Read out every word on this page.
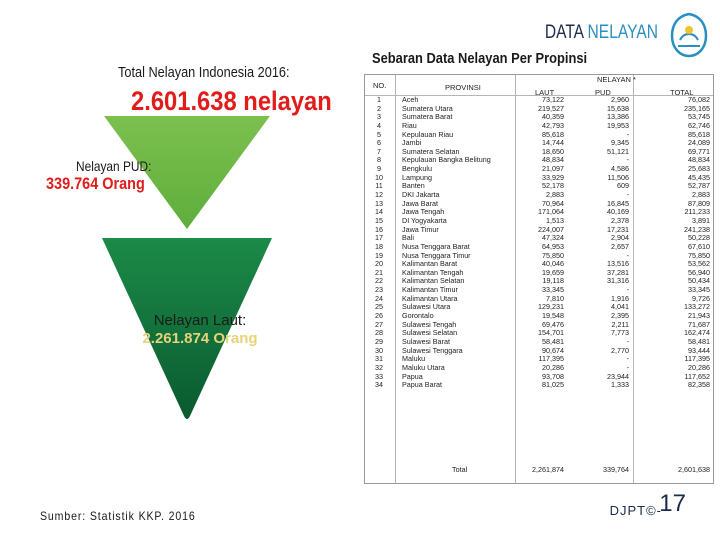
DATA NELAYAN
Total Nelayan Indonesia 2016:
2.601.638 nelayan
Nelayan PUD:
339.764 Orang
Nelayan Laut:
2.261.874 Orang
Sumber: Statistik KKP. 2016
Sebaran Data Nelayan Per Propinsi
NO.	PROVINSI
NELAYAN *
LAUT	PUD	TOTAL
1	Aceh	73,122	2,960	76,082
2	Sumatera Utara	219,527	15,638	235,165
3	Sumatera Barat	40,359	13,386	53,745
4	Riau	42,793	19,953	62,746
5	Kepulauan Riau	85,618	-	85,618
6	Jambi	14,744	9,345	24,089
7	Sumatera Selatan	18,650	51,121	69,771
8	Kepulauan Bangka Belitung	48,834	-	48,834
9	Bengkulu	21,097	4,586	25,683
10	Lampung	33,929	11,506	45,435
11	Banten	52,178	609	52,787
12	DKI Jakarta	2,883	-	2,883
13	Jawa Barat	70,964	16,845	87,809
14	Jawa Tengah	171,064	40,169	211,233
15	DI Yogyakarta	1,513	2,378	3,891
16	Jawa Timur	224,007	17,231	241,238
17	Bali	47,324	2,904	50,228
18	Nusa Tenggara Barat	64,953	2,657	67,610
19	Nusa Tenggara Timur	75,850	-	75,850
20	Kalimantan Barat	40,046	13,516	53,562
21	Kalimantan Tengah	19,659	37,281	56,940
22	Kalimantan Selatan	19,118	31,316	50,434
23	Kalimantan Timur	33,345	-	33,345
24	Kalimantan Utara	7,810	1,916	9,726
25	Sulawesi Utara	129,231	4,041	133,272
26	Gorontalo	19,548	2,395	21,943
27	Sulawesi Tengah	69,476	2,211	71,687
28	Sulawesi Selatan	154,701	7,773	162,474
29	Sulawesi Barat	58,481	-	58,481
30	Sulawesi Tenggara	90,674	2,770	93,444
31	Maluku	117,395	-	117,395
32	Maluku Utara	20,286	-	20,286
33	Papua	93,708	23,944	117,652
34	Papua Barat	81,025	1,333	82,358
Total	2,261,874	339,764	2,601,638
DJPT©-
17
